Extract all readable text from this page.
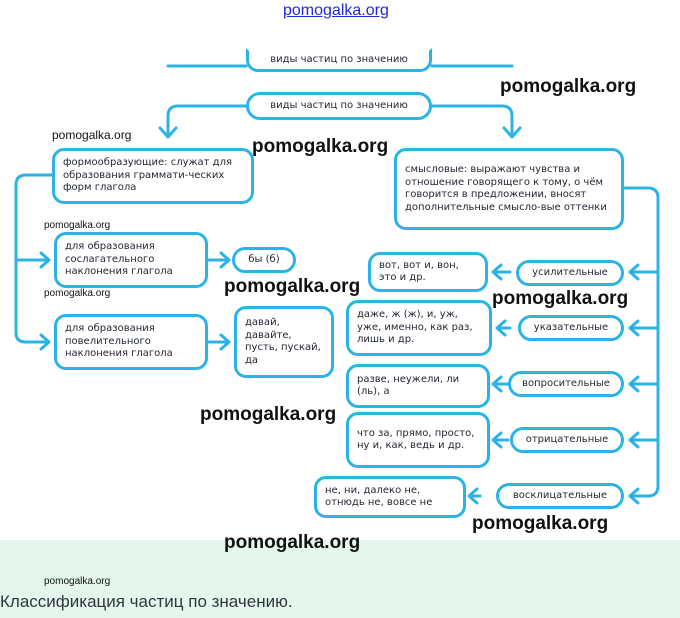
виды частиц по значению
виды частиц по значению
формообразующие: служат для образования граммати-ческих форм глагола
для образования сослагательного наклонения глагола
бы (б)
для образования повелительного наклонения глагола
давай, давайте, пусть, пускай, да
смысловые: выражают чувства и отношение говорящего к тому, о чём говорится в предложении, вносят дополнительные смысло-вые оттенки
вот, вот и, вон, это и др.	усилительные
даже, ж (ж), и, уж, уже, именно, как раз, лишь и др.
указательные
разве, неужели, ли (ль), а
вопросительные
что за, прямо, просто, ну и, как, ведь и др.
отрицательные
не, ни, далеко не, отнюдь не, вовсе не
восклицательные
Классификация частиц по значению.
pomogalka.org
pomogalka.org
pomogalka.org
pomogalka.org
pomogalka.org
pomogalka.org
pomogalka.org	pomogalka.org
pomogalka.org
pomogalka.org
pomogalka.org
pomogalka.org
